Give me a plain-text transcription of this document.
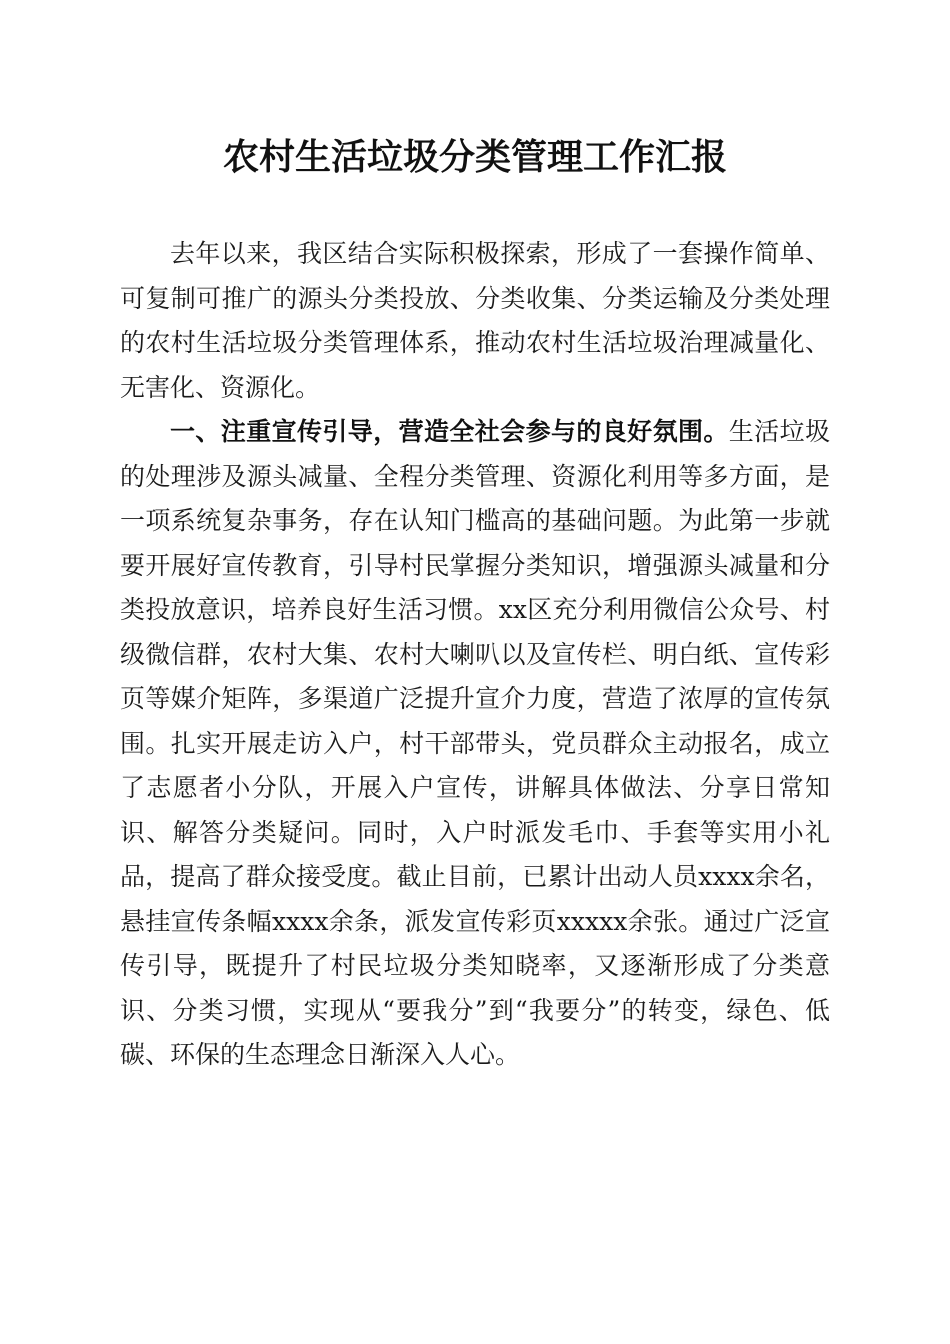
农村生活垃圾分类管理工作汇报

去年以来，我区结合实际积极探索，形成了一套操作简单、可复制可推广的源头分类投放、分类收集、分类运输及分类处理的农村生活垃圾分类管理体系，推动农村生活垃圾治理减量化、无害化、资源化。

一、注重宣传引导，营造全社会参与的良好氛围。生活垃圾的处理涉及源头减量、全程分类管理、资源化利用等多方面，是一项系统复杂事务，存在认知门槛高的基础问题。为此第一步就要开展好宣传教育，引导村民掌握分类知识，增强源头减量和分类投放意识，培养良好生活习惯。xx区充分利用微信公众号、村级微信群，农村大集、农村大喇叭以及宣传栏、明白纸、宣传彩页等媒介矩阵，多渠道广泛提升宣介力度，营造了浓厚的宣传氛围。扎实开展走访入户，村干部带头，党员群众主动报名，成立了志愿者小分队，开展入户宣传，讲解具体做法、分享日常知识、解答分类疑问。同时，入户时派发毛巾、手套等实用小礼品，提高了群众接受度。截止目前，已累计出动人员xxxx余名，悬挂宣传条幅xxxx余条，派发宣传彩页xxxxx余张。通过广泛宣传引导，既提升了村民垃圾分类知晓率，又逐渐形成了分类意识、分类习惯，实现从“要我分”到“我要分”的转变，绿色、低碳、环保的生态理念日渐深入人心。
